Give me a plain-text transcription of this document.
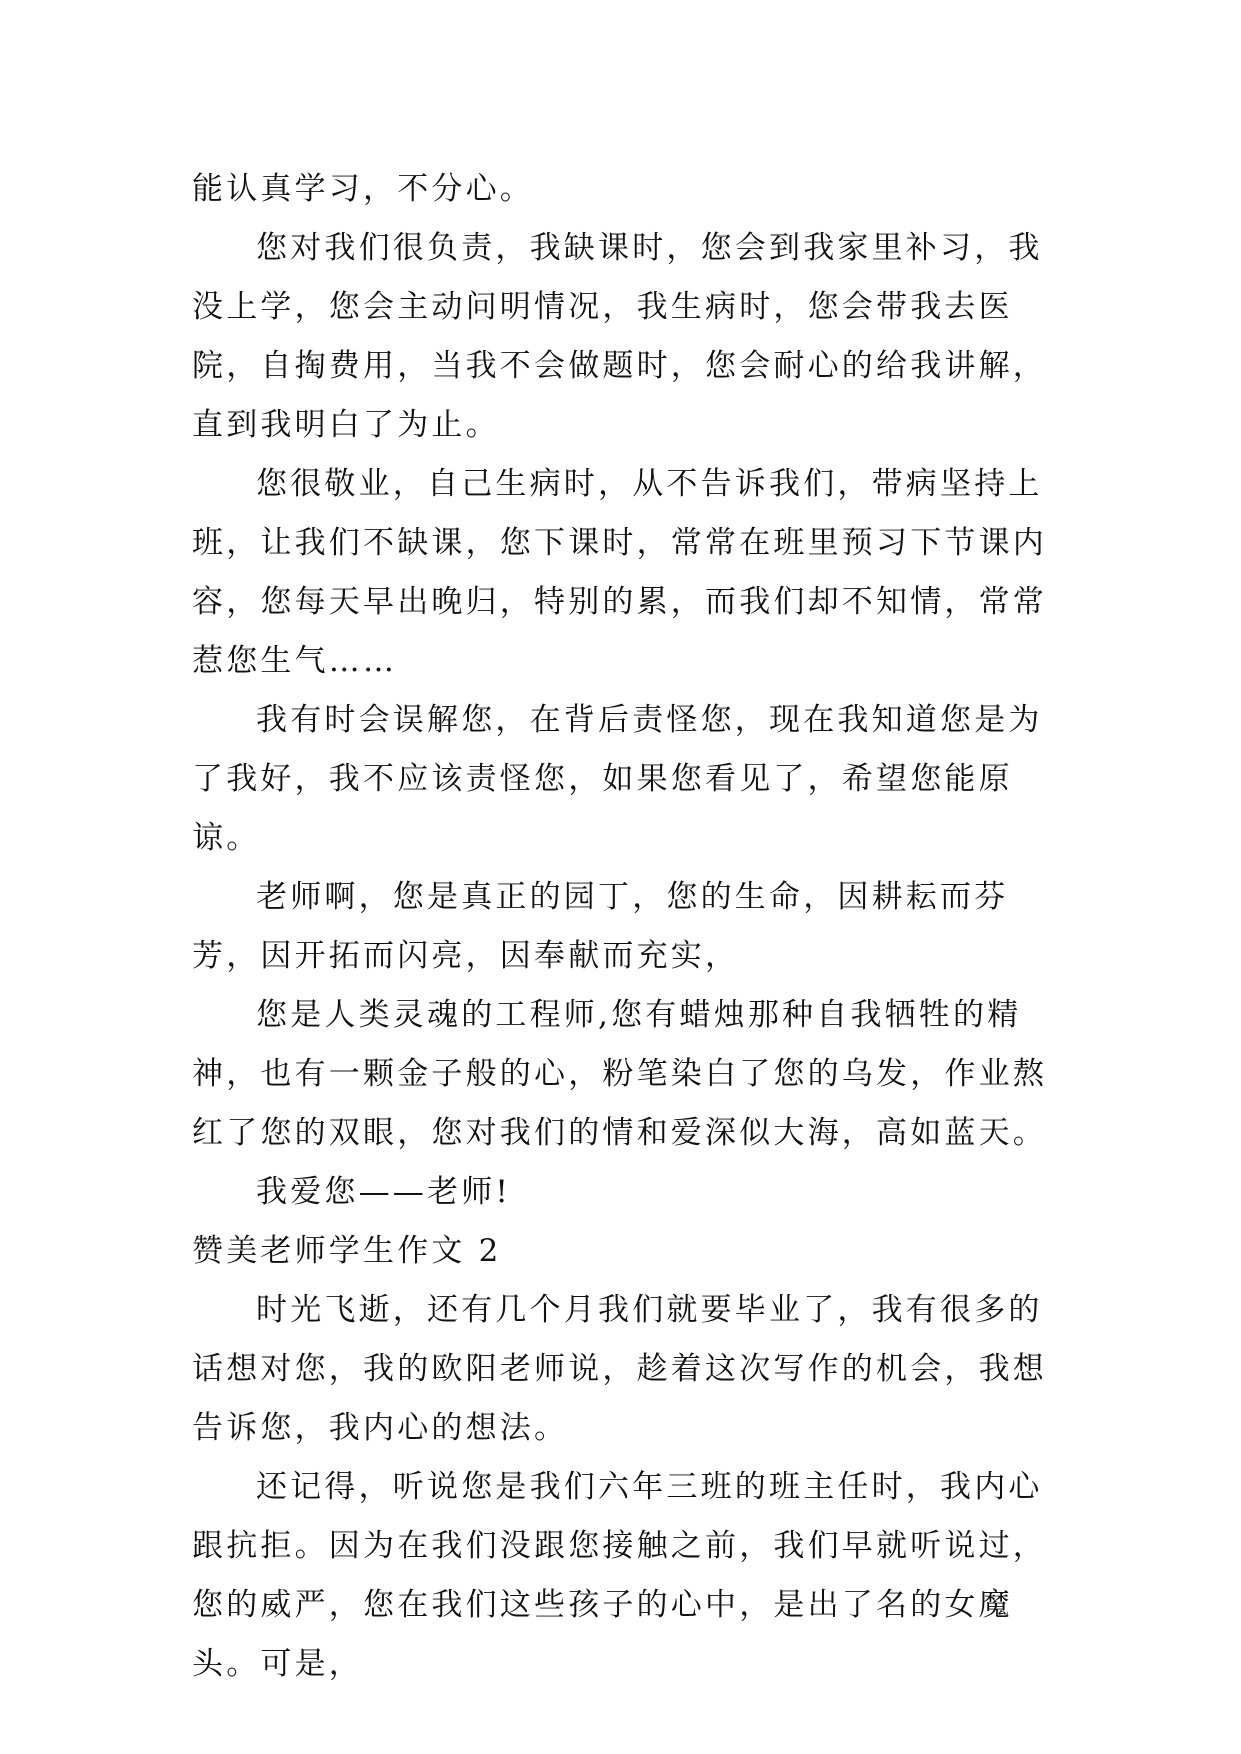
能认真学习，不分心。

您对我们很负责，我缺课时，您会到我家里补习，我没上学，您会主动问明情况，我生病时，您会带我去医院，自掏费用，当我不会做题时，您会耐心的给我讲解，直到我明白了为止。

您很敬业，自己生病时，从不告诉我们，带病坚持上班，让我们不缺课，您下课时，常常在班里预习下节课内容，您每天早出晚归，特别的累，而我们却不知情，常常惹您生气……

我有时会误解您，在背后责怪您，现在我知道您是为了我好，我不应该责怪您，如果您看见了，希望您能原谅。

老师啊，您是真正的园丁，您的生命，因耕耘而芬芳，因开拓而闪亮，因奉献而充实，

您是人类灵魂的工程师,您有蜡烛那种自我牺牲的精神，也有一颗金子般的心，粉笔染白了您的乌发，作业熬红了您的双眼，您对我们的情和爱深似大海，高如蓝天。

我爱您——老师!

赞美老师学生作文 2

时光飞逝，还有几个月我们就要毕业了，我有很多的话想对您，我的欧阳老师说，趁着这次写作的机会，我想告诉您，我内心的想法。

还记得，听说您是我们六年三班的班主任时，我内心跟抗拒。因为在我们没跟您接触之前，我们早就听说过，您的威严，您在我们这些孩子的心中，是出了名的女魔头。可是，
